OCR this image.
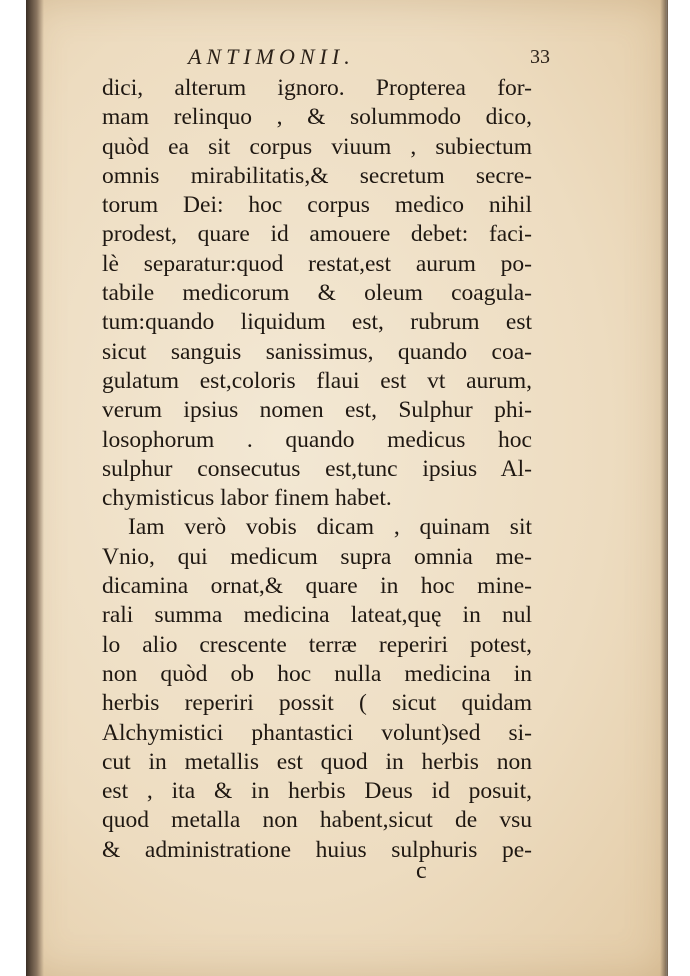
ANTIMONII.	33
dici, alterum ignoro. Propterea for-
mam relinquo , & solummodo dico,
quòd ea sit corpus viuum , subiectum
omnis mirabilitatis,& secretum secre-
torum Dei: hoc corpus medico nihil
prodest, quare id amouere debet: faci-
lè separatur:quod restat,est aurum po-
tabile medicorum & oleum coagula-
tum:quando liquidum est, rubrum est
sicut sanguis sanissimus, quando coa-
gulatum est,coloris flaui est vt aurum,
verum ipsius nomen est, Sulphur phi-
losophorum . quando medicus hoc
sulphur consecutus est,tunc ipsius Al-
chymisticus labor finem habet.
Iam verò vobis dicam , quinam sit
Vnio, qui medicum supra omnia me-
dicamina ornat,& quare in hoc mine-
rali summa medicina lateat,quę in nul
lo alio crescente terræ reperiri potest,
non quòd ob hoc nulla medicina in
herbis reperiri possit ( sicut quidam
Alchymistici phantastici volunt)sed si-
cut in metallis est quod in herbis non
est , ita & in herbis Deus id posuit,
quod metalla non habent,sicut de vsu
& administratione huius sulphuris pe-
c
